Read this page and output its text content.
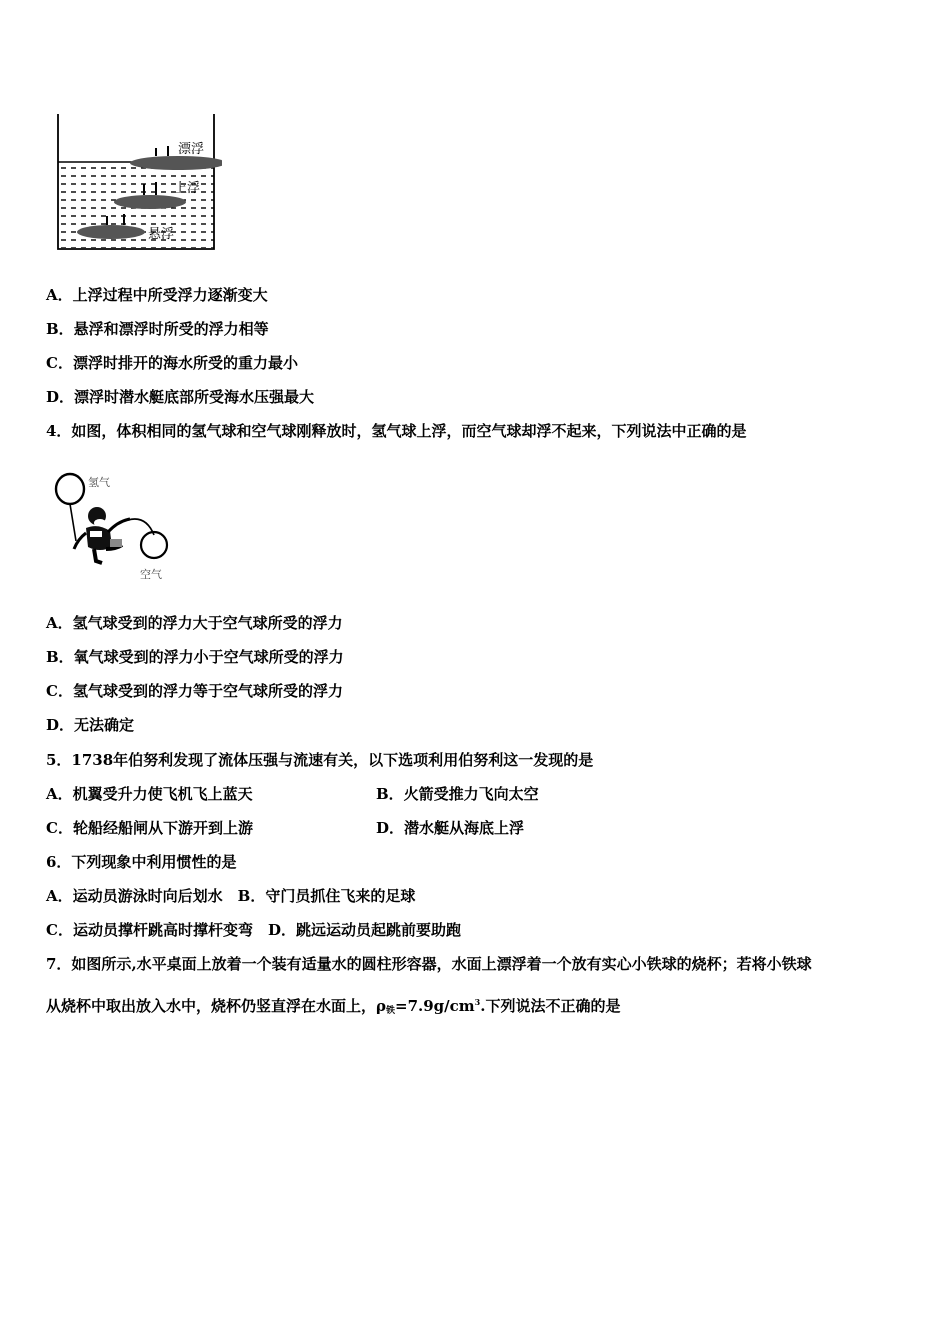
漂浮
上浮
悬浮
A．上浮过程中所受浮力逐渐变大
B．悬浮和漂浮时所受的浮力相等
C．漂浮时排开的海水所受的重力最小
D．漂浮时潜水艇底部所受海水压强最大
4．如图，体积相同的氢气球和空气球刚释放时，氢气球上浮，而空气球却浮不起来，下列说法中正确的是
氢气
空气
A．氢气球受到的浮力大于空气球所受的浮力
B．氧气球受到的浮力小于空气球所受的浮力
C．氢气球受到的浮力等于空气球所受的浮力
D．无法确定
5．1738年伯努利发现了流体压强与流速有关，以下选项利用伯努利这一发现的是
A．机翼受升力使飞机飞上蓝天	B．火箭受推力飞向太空
C．轮船经船闸从下游开到上游	D．潜水艇从海底上浮
6．下列现象中利用惯性的是
A．运动员游泳时向后划水　B．守门员抓住飞来的足球
C．运动员撑杆跳高时撑杆变弯　D．跳远运动员起跳前要助跑
7．如图所示,水平桌面上放着一个装有适量水的圆柱形容器，水面上漂浮着一个放有实心小铁球的烧杯；若将小铁球
从烧杯中取出放入水中，烧杯仍竖直浮在水面上，$\rho_铁=7.9g/cm^3$.下列说法不正确的是
